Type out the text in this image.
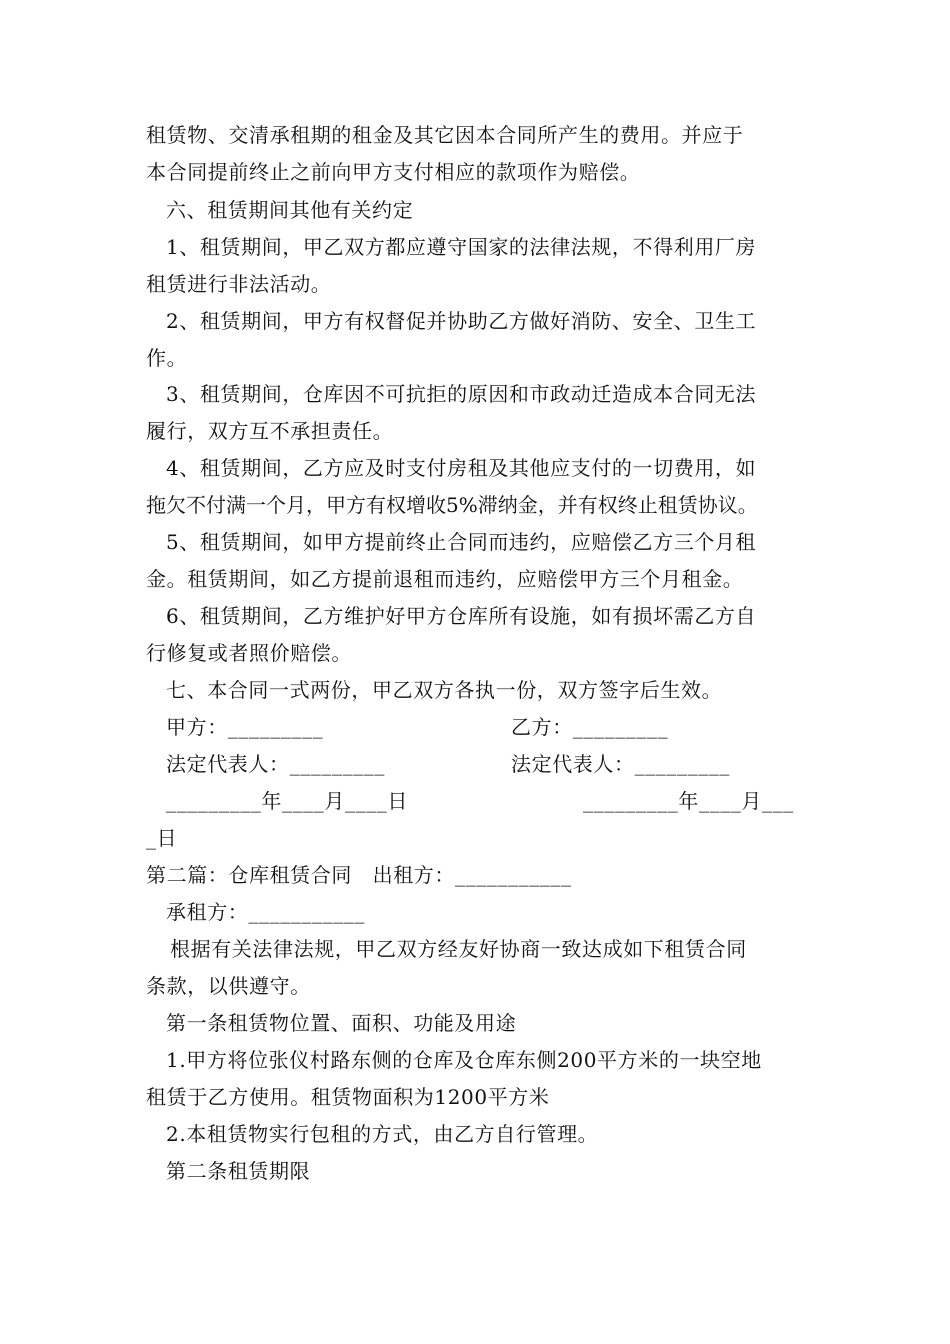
租赁物、交清承租期的租金及其它因本合同所产生的费用。并应于
本合同提前终止之前向甲方支付相应的款项作为赔偿。
六、租赁期间其他有关约定
1、租赁期间，甲乙双方都应遵守国家的法律法规，不得利用厂房
租赁进行非法活动。
2、租赁期间，甲方有权督促并协助乙方做好消防、安全、卫生工
作。
3、租赁期间，仓库因不可抗拒的原因和市政动迁造成本合同无法
履行，双方互不承担责任。
4、租赁期间，乙方应及时支付房租及其他应支付的一切费用，如
拖欠不付满一个月，甲方有权增收5%滞纳金，并有权终止租赁协议。
5、租赁期间，如甲方提前终止合同而违约，应赔偿乙方三个月租
金。租赁期间，如乙方提前退租而违约，应赔偿甲方三个月租金。
6、租赁期间，乙方维护好甲方仓库所有设施，如有损坏需乙方自
行修复或者照价赔偿。
七、本合同一式两份，甲乙双方各执一份，双方签字后生效。
甲方：_________	乙方：_________
法定代表人：_________	法定代表人：_________
_________年____月____日	_________年____月___
_日
第二篇：仓库租赁合同　出租方：___________
承租方：___________
根据有关法律法规，甲乙双方经友好协商一致达成如下租赁合同
条款，以供遵守。
第一条租赁物位置、面积、功能及用途
1.甲方将位张仪村路东侧的仓库及仓库东侧200平方米的一块空地
租赁于乙方使用。租赁物面积为1200平方米
2.本租赁物实行包租的方式，由乙方自行管理。
第二条租赁期限
